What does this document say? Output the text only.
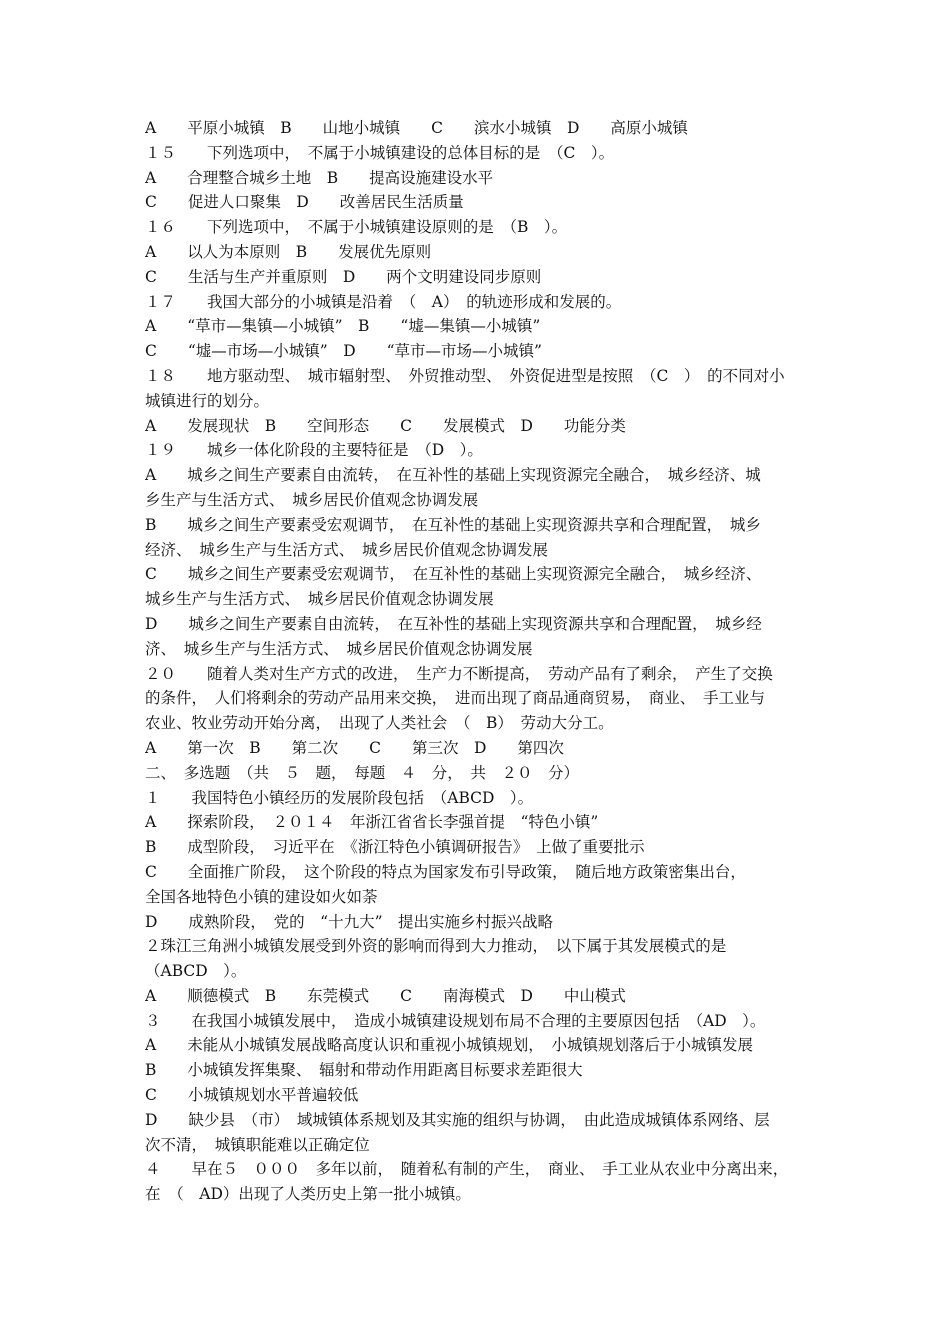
A　　平原小城镇　B　　山地小城镇　　C　　滨水小城镇　D　　高原小城镇
１５　　下列选项中，　不属于小城镇建设的总体目标的是　（C　）。
A　　合理整合城乡土地　B　　提高设施建设水平
C　　促进人口聚集　D　　改善居民生活质量
１６　　下列选项中，　不属于小城镇建设原则的是　（B　）。
A　　以人为本原则　B　　发展优先原则
C　　生活与生产并重原则　D　　两个文明建设同步原则
１７　　我国大部分的小城镇是沿着　（　A）　的轨迹形成和发展的。
A　　“草市—集镇—小城镇”　B　　“墟—集镇—小城镇”
C　　“墟—市场—小城镇”　D　　“草市—市场—小城镇”
１８　　地方驱动型、　城市辐射型、　外贸推动型、　外资促进型是按照　（C　）　的不同对小
城镇进行的划分。
A　　发展现状　B　　空间形态　　C　　发展模式　D　　功能分类
１９　　城乡一体化阶段的主要特征是　（D　）。
A　　城乡之间生产要素自由流转，　在互补性的基础上实现资源完全融合，　城乡经济、城
乡生产与生活方式、　城乡居民价值观念协调发展
B　　城乡之间生产要素受宏观调节，　在互补性的基础上实现资源共享和合理配置，　城乡
经济、　城乡生产与生活方式、　城乡居民价值观念协调发展
C　　城乡之间生产要素受宏观调节，　在互补性的基础上实现资源完全融合，　城乡经济、
城乡生产与生活方式、　城乡居民价值观念协调发展
D　　城乡之间生产要素自由流转，　在互补性的基础上实现资源共享和合理配置，　城乡经
济、　城乡生产与生活方式、　城乡居民价值观念协调发展
２０　　随着人类对生产方式的改进，　生产力不断提高，　劳动产品有了剩余，　产生了交换
的条件，　人们将剩余的劳动产品用来交换，　进而出现了商品通商贸易，　商业、　手工业与
农业、牧业劳动开始分离，　出现了人类社会　（　B）　劳动大分工。
A　　第一次　B　　第二次　　C　　第三次　D　　第四次
二、　多选题　（共　５　题，　每题　４　分，　共　２０　分）
１　　我国特色小镇经历的发展阶段包括　（ABCD　）。
A　　探索阶段，　２０１４　年浙江省省长李强首提　“特色小镇”
B　　成型阶段，　习近平在　《浙江特色小镇调研报告》　上做了重要批示
C　　全面推广阶段，　这个阶段的特点为国家发布引导政策，　随后地方政策密集出台，
全国各地特色小镇的建设如火如荼
D　　成熟阶段，　党的　“十九大”　提出实施乡村振兴战略
２珠江三角洲小城镇发展受到外资的影响而得到大力推动，　以下属于其发展模式的是
（ABCD　）。
A　　顺德模式　B　　东莞模式　　C　　南海模式　D　　中山模式
３　　在我国小城镇发展中，　造成小城镇建设规划布局不合理的主要原因包括　（AD　）。
A　　未能从小城镇发展战略高度认识和重视小城镇规划，　小城镇规划落后于小城镇发展
B　　小城镇发挥集聚、　辐射和带动作用距离目标要求差距很大
C　　小城镇规划水平普遍较低
D　　缺少县　（市）　域城镇体系规划及其实施的组织与协调，　由此造成城镇体系网络、层
次不清，　城镇职能难以正确定位
４　　早在５　０００　多年以前，　随着私有制的产生，　商业、　手工业从农业中分离出来，
在　（　AD）出现了人类历史上第一批小城镇。
